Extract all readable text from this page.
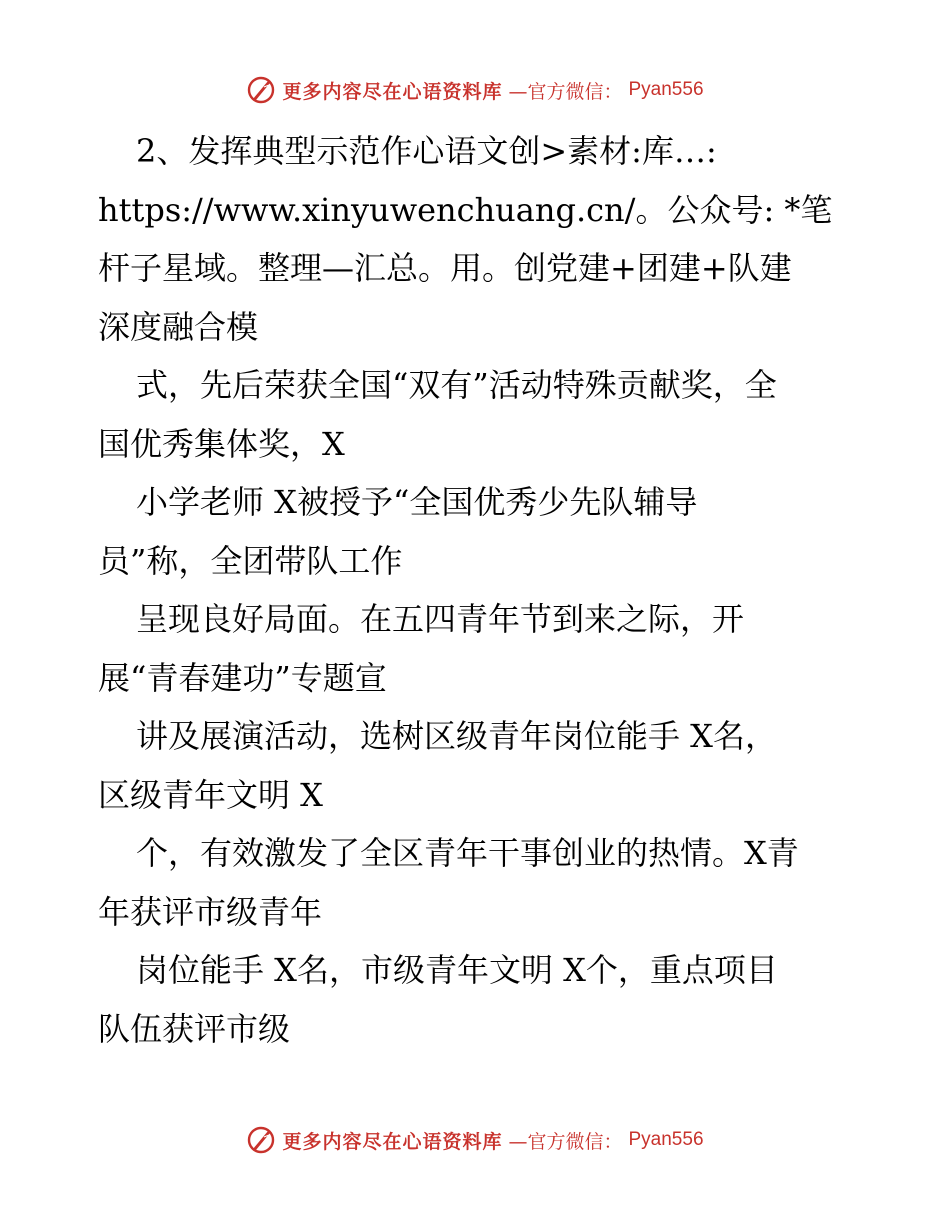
更多内容尽在心语资料库 —官方微信： Pyan556
2、发挥典型示范作心语文创>素材:库…:
https://www.xinyuwenchuang.cn/。公众号: *笔
杆子星域。整理—汇总。用。创党建+团建+队建
深度融合模
式，先后荣获全国“双有”活动特殊贡献奖，全
国优秀集体奖，X
小学老师 X被授予“全国优秀少先队辅导
员”称，全团带队工作
呈现良好局面。在五四青年节到来之际，开
展“青春建功”专题宣
讲及展演活动，选树区级青年岗位能手 X名，
区级青年文明 X
个，有效激发了全区青年干事创业的热情。X青
年获评市级青年
岗位能手 X名，市级青年文明 X个，重点项目
队伍获评市级
更多内容尽在心语资料库 —官方微信： Pyan556
